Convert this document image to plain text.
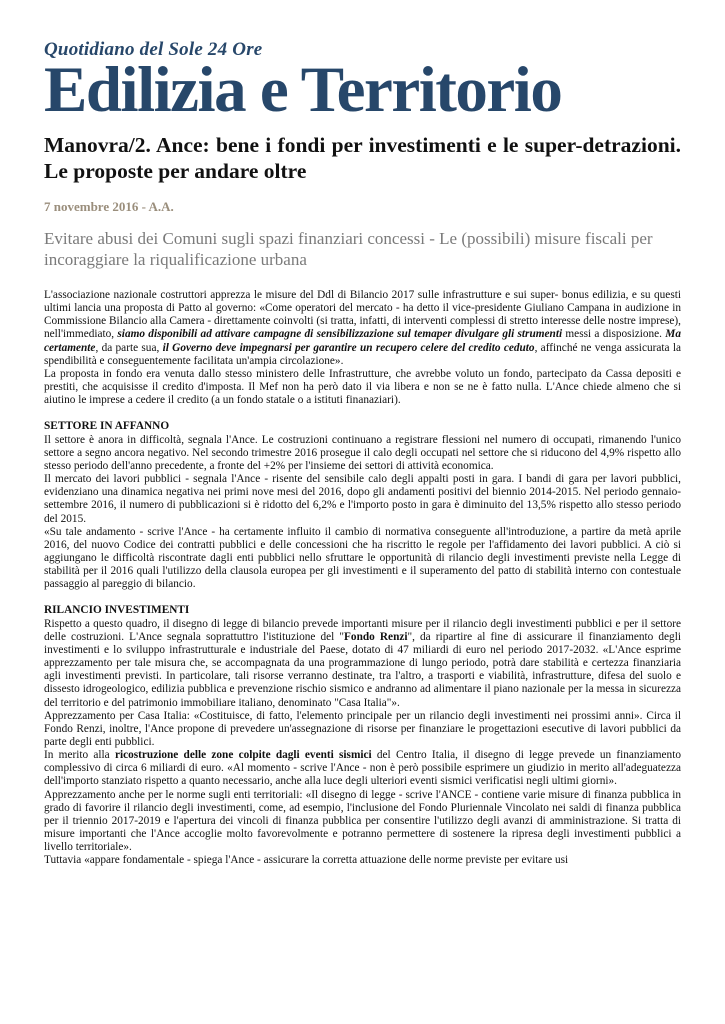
Quotidiano del Sole 24 Ore
Edilizia e Territorio
Manovra/2. Ance: bene i fondi per investimenti e le super-detrazioni. Le proposte per andare oltre
7 novembre 2016 - A.A.
Evitare abusi dei Comuni sugli spazi finanziari concessi - Le (possibili) misure fiscali per incoraggiare la riqualificazione urbana

L'associazione nazionale costruttori apprezza le misure del Ddl di Bilancio 2017 sulle infrastrutture e sui super- bonus edilizia, e su questi ultimi lancia una proposta di Patto al governo: «Come operatori del mercato - ha detto il vice-presidente Giuliano Campana in audizione in Commissione Bilancio alla Camera - direttamente coinvolti (si tratta, infatti, di interventi complessi di stretto interesse delle nostre imprese), nell'immediato, siamo disponibili ad attivare campagne di sensibilizzazione sul temaper divulgare gli strumenti messi a disposizione. Ma certamente, da parte sua, il Governo deve impegnarsi per garantire un recupero celere del credito ceduto, affinché ne venga assicurata la spendibilità e conseguentemente facilitata un'ampia circolazione».

La proposta in fondo era venuta dallo stesso ministero delle Infrastrutture, che avrebbe voluto un fondo, partecipato da Cassa depositi e prestiti, che acquisisse il credito d'imposta. Il Mef non ha però dato il via libera e non se ne è fatto nulla. L'Ance chiede almeno che si aiutino le imprese a cedere il credito (a un fondo statale o a istituti finanaziari).

SETTORE IN AFFANNO

Il settore è anora in difficoltà, segnala l'Ance. Le costruzioni continuano a registrare flessioni nel numero di occupati, rimanendo l'unico settore a segno ancora negativo. Nel secondo trimestre 2016 prosegue il calo degli occupati nel settore che si riducono del 4,9% rispetto allo stesso periodo dell'anno precedente, a fronte del +2% per l'insieme dei settori di attività economica.

Il mercato dei lavori pubblici - segnala l'Ance - risente del sensibile calo degli appalti posti in gara. I bandi di gara per lavori pubblici, evidenziano una dinamica negativa nei primi nove mesi del 2016, dopo gli andamenti positivi del biennio 2014-2015. Nel periodo gennaio-settembre 2016, il numero di pubblicazioni si è ridotto del 6,2% e l'importo posto in gara è diminuito del 13,5% rispetto allo stesso periodo del 2015.

«Su tale andamento - scrive l'Ance - ha certamente influito il cambio di normativa conseguente all'introduzione, a partire da metà aprile 2016, del nuovo Codice dei contratti pubblici e delle concessioni che ha riscritto le regole per l'affidamento dei lavori pubblici. A ciò si aggiungano le difficoltà riscontrate dagli enti pubblici nello sfruttare le opportunità di rilancio degli investimenti previste nella Legge di stabilità per il 2016 quali l'utilizzo della clausola europea per gli investimenti e il superamento del patto di stabilità interno con contestuale passaggio al pareggio di bilancio.

RILANCIO INVESTIMENTI

Rispetto a questo quadro, il disegno di legge di bilancio prevede importanti misure per il rilancio degli investimenti pubblici e per il settore delle costruzioni. L'Ance segnala soprattuttro l'istituzione del "Fondo Renzi", da ripartire al fine di assicurare il finanziamento degli investimenti e lo sviluppo infrastrutturale e industriale del Paese, dotato di 47 miliardi di euro nel periodo 2017-2032. «L'Ance esprime apprezzamento per tale misura che, se accompagnata da una programmazione di lungo periodo, potrà dare stabilità e certezza finanziaria agli investimenti previsti. In particolare, tali risorse verranno destinate, tra l'altro, a trasporti e viabilità, infrastrutture, difesa del suolo e dissesto idrogeologico, edilizia pubblica e prevenzione rischio sismico e andranno ad alimentare il piano nazionale per la messa in sicurezza del territorio e del patrimonio immobiliare italiano, denominato "Casa Italia"».

Apprezzamento per Casa Italia: «Costituisce, di fatto, l'elemento principale per un rilancio degli investimenti nei prossimi anni». Circa il Fondo Renzi, inoltre, l'Ance propone di prevedere un'assegnazione di risorse per finanziare le progettazioni esecutive di lavori pubblici da parte degli enti pubblici.

In merito alla ricostruzione delle zone colpite dagli eventi sismici del Centro Italia, il disegno di legge prevede un finanziamento complessivo di circa 6 miliardi di euro. «Al momento - scrive l'Ance - non è però possibile esprimere un giudizio in merito all'adeguatezza dell'importo stanziato rispetto a quanto necessario, anche alla luce degli ulteriori eventi sismici verificatisi negli ultimi giorni».

Apprezzamento anche per le norme sugli enti territoriali: «Il disegno di legge - scrive l'ANCE - contiene varie misure di finanza pubblica in grado di favorire il rilancio degli investimenti, come, ad esempio, l'inclusione del Fondo Pluriennale Vincolato nei saldi di finanza pubblica per il triennio 2017-2019 e l'apertura dei vincoli di finanza pubblica per consentire l'utilizzo degli avanzi di amministrazione. Si tratta di misure importanti che l'Ance accoglie molto favorevolmente e potranno permettere di sostenere la ripresa degli investimenti pubblici a livello territoriale».

Tuttavia «appare fondamentale - spiega l'Ance - assicurare la corretta attuazione delle norme previste per evitare usi
